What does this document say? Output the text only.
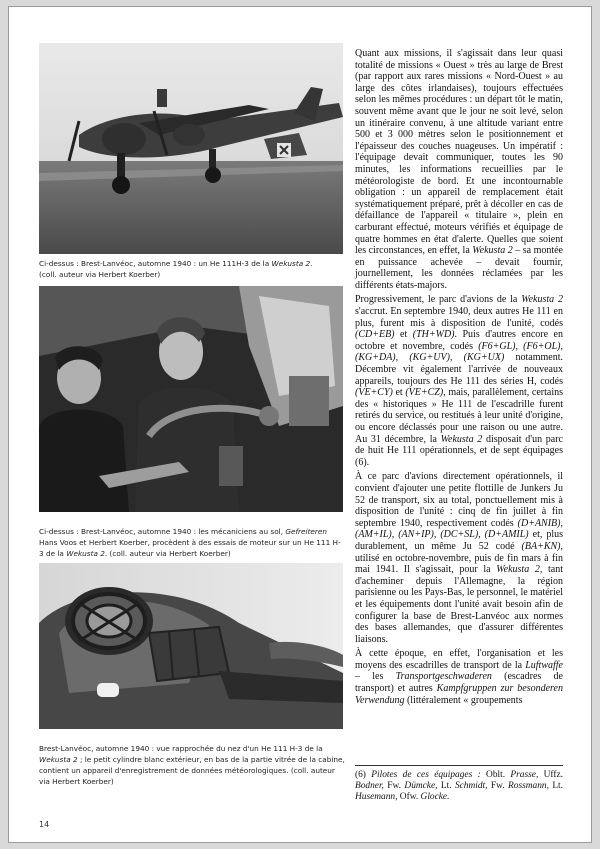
Ci-dessus : Brest-Lanvéoc, automne 1940 : un He 111H-3 de la Wekusta 2.
(coll. auteur via Herbert Koerber)

Ci-dessus : Brest-Lanvéoc, automne 1940 : les mécaniciens au sol, Gefreiteren Hans Voos et Herbert Koerber, procèdent à des essais de moteur sur un He 111 H-3 de la Wekusta 2. (coll. auteur via Herbert Koerber)

Brest-Lanvéoc, automne 1940 : vue rapprochée du nez d'un He 111 H-3 de la Wekusta 2 ; le petit cylindre blanc extérieur, en bas de la partie vitrée de la cabine, contient un appareil d'enregistrement de données météorologiques. (coll. auteur via Herbert Koerber)

Quant aux missions, il s'agissait dans leur quasi totalité de missions « Ouest » très au large de Brest (par rapport aux rares missions « Nord-Ouest » au large des côtes irlandaises), toujours effectuées selon les mêmes procédures : un départ tôt le matin, souvent même avant que le jour ne soit levé, selon un itinéraire convenu, à une altitude variant entre 500 et 3 000 mètres selon le positionnement et l'épaisseur des couches nuageuses. Un impératif : l'équipage devait communiquer, toutes les 90 minutes, les informations recueillies par le météorologiste de bord. Et une incontournable obligation : un appareil de remplacement était systématiquement préparé, prêt à décoller en cas de défaillance de l'appareil « titulaire », plein en carburant effectué, moteurs vérifiés et équipage de quatre hommes en état d'alerte. Quelles que soient les circonstances, en effet, la Wekusta 2 – sa montée en puissance achevée – devait fournir, journellement, les données réclamées par les différents états-majors.

Progressivement, le parc d'avions de la Wekusta 2 s'accrut. En septembre 1940, deux autres He 111 en plus, furent mis à disposition de l'unité, codés (CD+EB) et (TH+WD). Puis d'autres encore en octobre et novembre, codés (F6+GL), (F6+OL), (KG+DA), (KG+UV), (KG+UX) notamment. Décembre vit également l'arrivée de nouveaux appareils, toujours des He 111 des séries H, codés (VE+CY) et (VE+CZ), mais, parallèlement, certains des « historiques » He 111 de l'escadrille furent retirés du service, ou restitués à leur unité d'origine, ou encore déclassés pour une raison ou une autre. Au 31 décembre, la Wekusta 2 disposait d'un parc de huit He 111 opérationnels, et de sept équipages (6).

À ce parc d'avions directement opérationnels, il convient d'ajouter une petite flottille de Junkers Ju 52 de transport, six au total, ponctuellement mis à disposition de l'unité : cinq de fin juillet à fin septembre 1940, respectivement codés (D+ANIB), (AM+IL), (AN+IP), (DC+SL), (D+AMIL) et, plus durablement, un même Ju 52 codé (BA+KN), utilisé en octobre-novembre, puis de fin mars à fin mai 1941. Il s'agissait, pour la Wekusta 2, tant d'acheminer depuis l'Allemagne, la région parisienne ou les Pays-Bas, le personnel, le matériel et les équipements dont l'unité avait besoin afin de configurer la base de Brest-Lanvéoc aux normes des bases allemandes, que d'assurer différentes liaisons.

À cette époque, en effet, l'organisation et les moyens des escadrilles de transport de la Luftwaffe – les Transportgeschwaderen (escadres de transport) et autres Kampfgruppen zur besonderen Verwendung (littéralement « groupements

(6) Pilotes de ces équipages : Oblt. Prasse, Uffz. Bodner, Fw. Dümcke, Lt. Schmidt, Fw. Rossmann, Lt. Husemann, Ofw. Glocke.
14
